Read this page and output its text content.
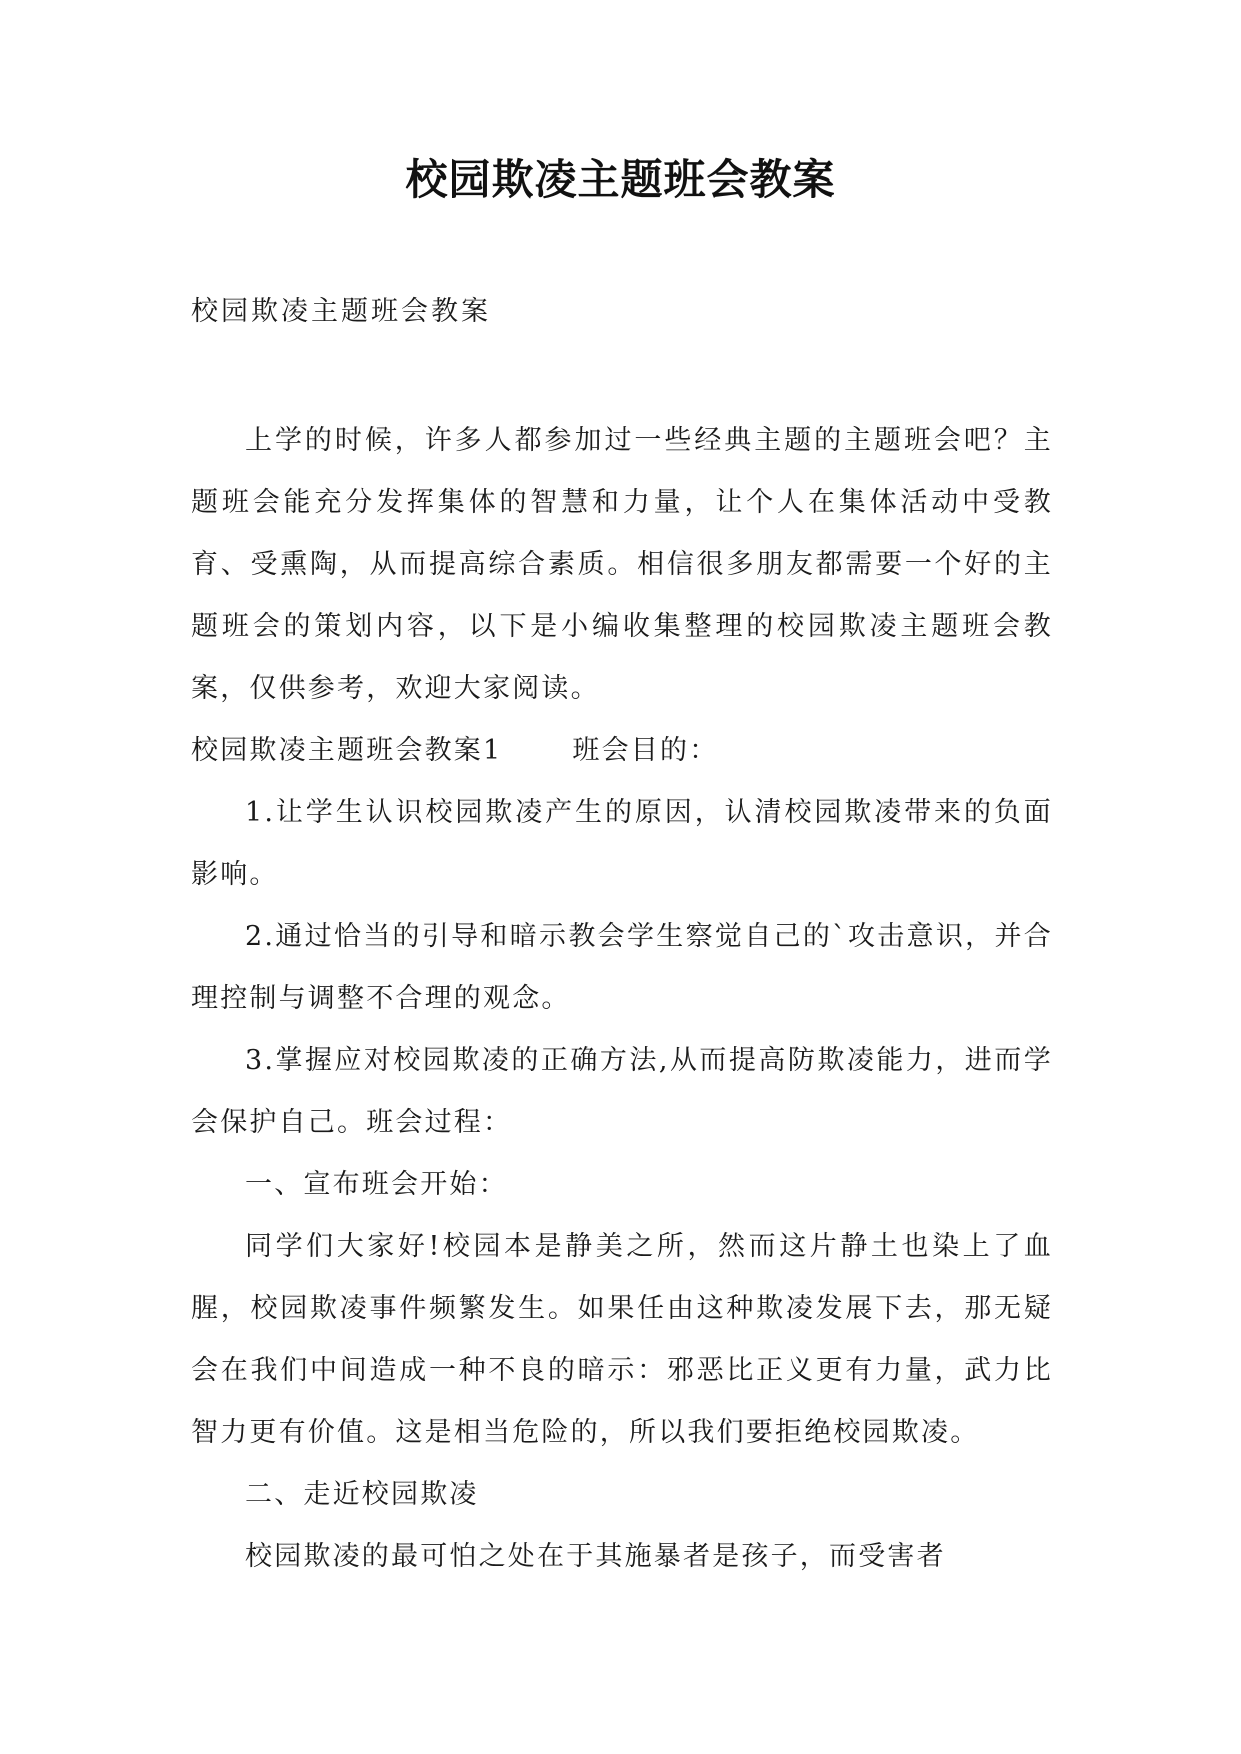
校园欺凌主题班会教案
校园欺凌主题班会教案

上学的时候，许多人都参加过一些经典主题的主题班会吧？主题班会能充分发挥集体的智慧和力量，让个人在集体活动中受教育、受熏陶，从而提高综合素质。相信很多朋友都需要一个好的主题班会的策划内容，以下是小编收集整理的校园欺凌主题班会教案，仅供参考，欢迎大家阅读。

校园欺凌主题班会教案1	班会目的：

1.让学生认识校园欺凌产生的原因，认清校园欺凌带来的负面影响。

2.通过恰当的引导和暗示教会学生察觉自己的`攻击意识，并合理控制与调整不合理的观念。

3.掌握应对校园欺凌的正确方法,从而提高防欺凌能力，进而学会保护自己。班会过程：

一、宣布班会开始：

同学们大家好!校园本是静美之所，然而这片静土也染上了血腥，校园欺凌事件频繁发生。如果任由这种欺凌发展下去，那无疑会在我们中间造成一种不良的暗示：邪恶比正义更有力量，武力比智力更有价值。这是相当危险的，所以我们要拒绝校园欺凌。

二、走近校园欺凌

校园欺凌的最可怕之处在于其施暴者是孩子，而受害者
